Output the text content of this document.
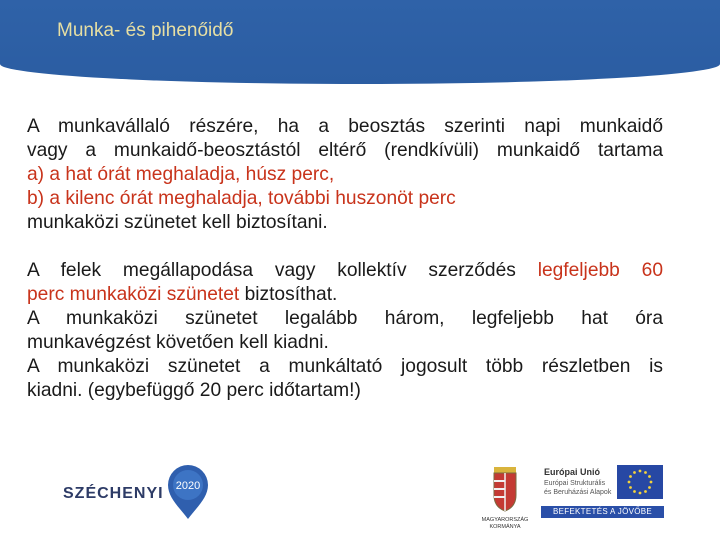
Munka- és pihenőidő

A munkavállaló részére, ha a beosztás szerinti napi munkaidő

vagy a munkaidő-beosztástól eltérő (rendkívüli) munkaidő tartama

a) a hat órát meghaladja, húsz perc,

b) a kilenc órát meghaladja, további huszonöt perc

munkaközi szünetet kell biztosítani.

A felek megállapodása vagy kollektív szerződés legfeljebb 60

perc munkaközi szünetet biztosíthat.

A munkaközi szünetet legalább három, legfeljebb hat óra

munkavégzést követően kell kiadni.

A munkaközi szünetet a munkáltató jogosult több részletben is

kiadni. (egybefüggő 20 perc időtartam!)

SZÉCHENYI 2020
MAGYARORSZÁG
KORMÁNYA
Európai Unió
Európai Strukturális és Beruházási Alapok
BEFEKTETÉS A JÖVŐBE
